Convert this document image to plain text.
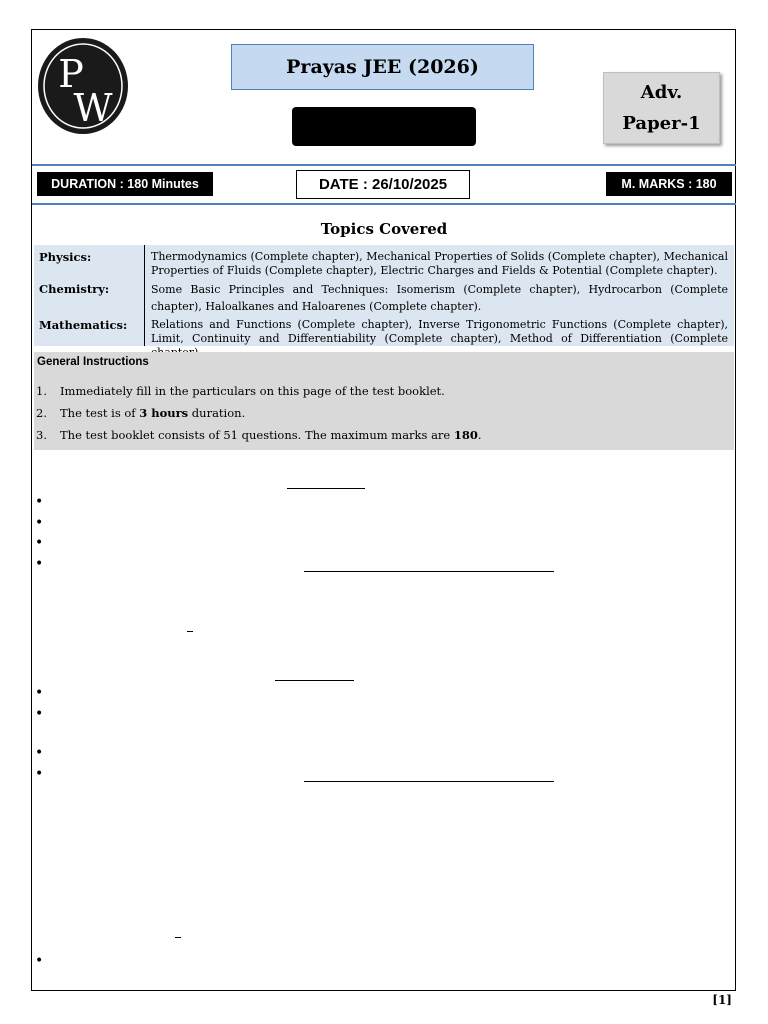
P
W
Prayas JEE (2026)
Adv.
Paper-1
DURATION : 180 Minutes	DATE : 26/10/2025	M. MARKS : 180
Topics Covered
Physics:	Thermodynamics (Complete chapter), Mechanical Properties of Solids (Complete chapter), Mechanical Properties of Fluids (Complete chapter), Electric Charges and Fields & Potential (Complete chapter).
Chemistry:	Some Basic Principles and Techniques: Isomerism (Complete chapter), Hydrocarbon (Complete chapter), Haloalkanes and Haloarenes (Complete chapter).
Mathematics: Relations and Functions (Complete chapter), Inverse Trigonometric Functions (Complete chapter), Limit, Continuity and Differentiability (Complete chapter), Method of Differentiation (Complete
General Instructions
1. Immediately fill in the particulars on this page of the test booklet.
2. The test is of 3 hours duration.
3. The test booklet consists of 51 questions. The maximum marks are 180.
•
•
•
•
•
•
•
•
•
[1]
